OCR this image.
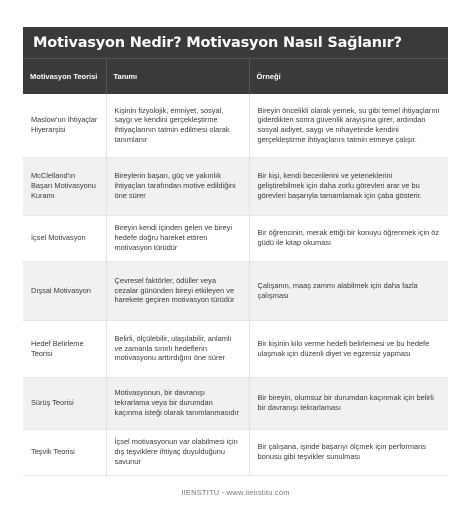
Motivasyon Nedir? Motivasyon Nasıl Sağlanır?
Motivasyon Teorisi	Tanımı	Örneği
Maslow'un İhtiyaçlar Hiyerarşisi	Kişinin fizyolojik, emniyet, sosyal, saygı ve kendini gerçekleştirme ihtiyaçlarının tatmin edilmesi olarak tanımlanır	Bireyin öncelikli olarak yemek, su gibi temel ihtiyaçlarını giderdikten sonra güvenlik arayışına girer, ardından sosyal aidiyet, saygı ve nihayetinde kendini gerçekleştirme ihtiyaçlarını tatmin etmeye çalışır.
McClelland'ın Başarı Motivasyonu Kuramı	Bireylerin başarı, güç ve yakınlık ihtiyaçları tarafından motive edildiğini öne sürer	Bir kişi, kendi becerilerini ve yeteneklerini geliştirebilmek için daha zorlu görevleri arar ve bu görevleri başarıyla tamamlamak için çaba gösterir.
İçsel Motivasyon	Bireyin kendi içinden gelen ve bireyi hedefe doğru hareket ettiren motivasyon türüdür	Bir öğrencinin, merak ettiği bir konuyu öğrenmek için öz güdü ile kitap okuması
Dışsal Motivasyon	Çevresel faktörler, ödüller veya cezalar gününden bireyi etkileyen ve harekete geçiren motivasyon türüdür	Çalışanın, maaş zammı alabilmek için daha fazla çalışması
Hedef Belirleme Teorisi	Belirli, ölçülebilir, ulaşılabilir, anlamlı ve zamanla sınırlı hedeflerin motivasyonu arttırdığını öne sürer	Bir kişinin kilo verme hedefi belirlemesi ve bu hedefe ulaşmak için düzenli diyet ve egzersiz yapması
Sürüş Teorisi	Motivasyonun, bir davranışı tekrarlama veya bir durumdan kaçınma isteği olarak tanımlanmasıdır	Bir bireyin, olumsuz bir durumdan kaçınmak için belirli bir davranışı tekrarlaması
Teşvik Teorisi	İçsel motivasyonun var olabilmesi için dış teşviklere ihtiyaç duyulduğunu savunur	Bir çalışana, işinde başarıyı ölçmek için performans bonusu gibi teşvikler sunulması
IIENSTITU - www.iienstitu.com
